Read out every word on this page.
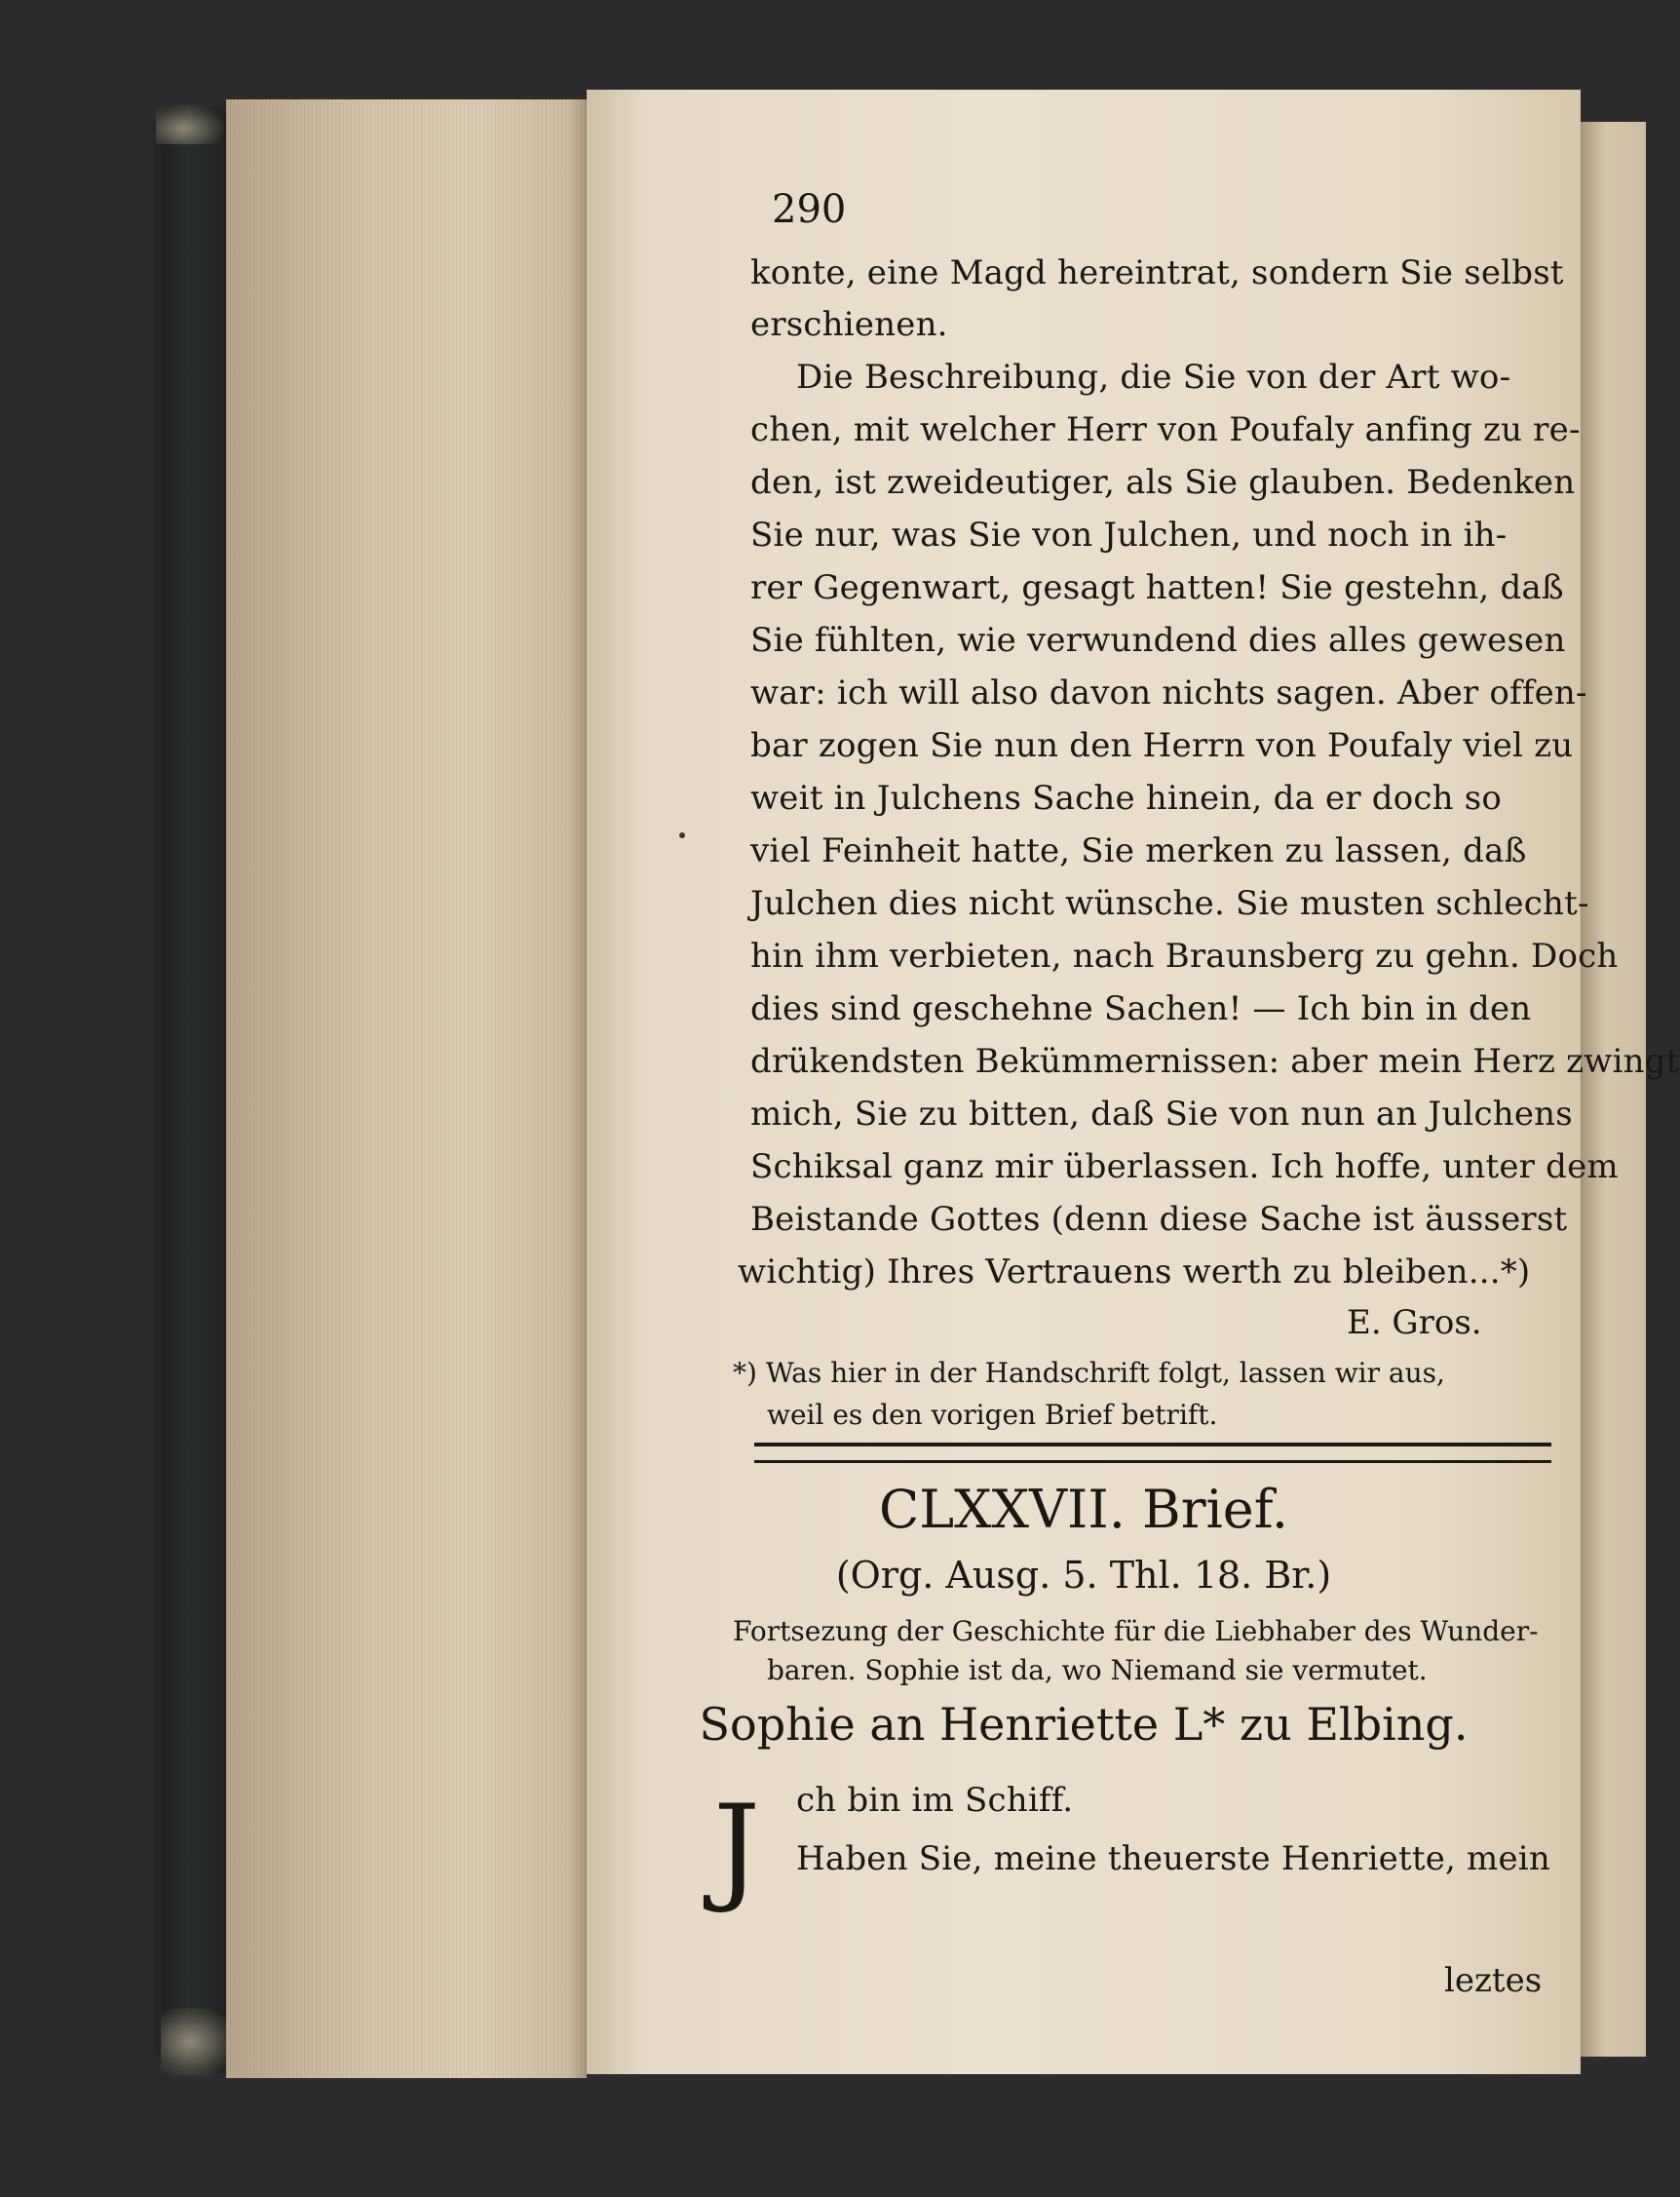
290
konte, eine Magd hereintrat, sondern Sie selbst
erschienen.
Die Beschreibung, die Sie von der Art wo-
chen, mit welcher Herr von Poufaly anfing zu re-
den, ist zweideutiger, als Sie glauben. Bedenken
Sie nur, was Sie von Julchen, und noch in ih-
rer Gegenwart, gesagt hatten! Sie gestehn, daß
Sie fühlten, wie verwundend dies alles gewesen
war: ich will also davon nichts sagen. Aber offen-
bar zogen Sie nun den Herrn von Poufaly viel zu
weit in Julchens Sache hinein, da er doch so
viel Feinheit hatte, Sie merken zu lassen, daß
Julchen dies nicht wünsche. Sie musten schlecht-
hin ihm verbieten, nach Braunsberg zu gehn. Doch
dies sind geschehne Sachen! — Ich bin in den
drükendsten Bekümmernissen: aber mein Herz zwingt
mich, Sie zu bitten, daß Sie von nun an Julchens
Schiksal ganz mir überlassen. Ich hoffe, unter dem
Beistande Gottes (denn diese Sache ist äusserst
wichtig) Ihres Vertrauens werth zu bleiben...*)
E. Gros.
*) Was hier in der Handschrift folgt, lassen wir aus,
weil es den vorigen Brief betrift.
CLXXVII. Brief.
(Org. Ausg. 5. Thl. 18. Br.)
Fortsezung der Geschichte für die Liebhaber des Wunder-
baren. Sophie ist da, wo Niemand sie vermutet.
Sophie an Henriette L* zu Elbing.
J ch bin im Schiff.
Haben Sie, meine theuerste Henriette, mein
leztes
